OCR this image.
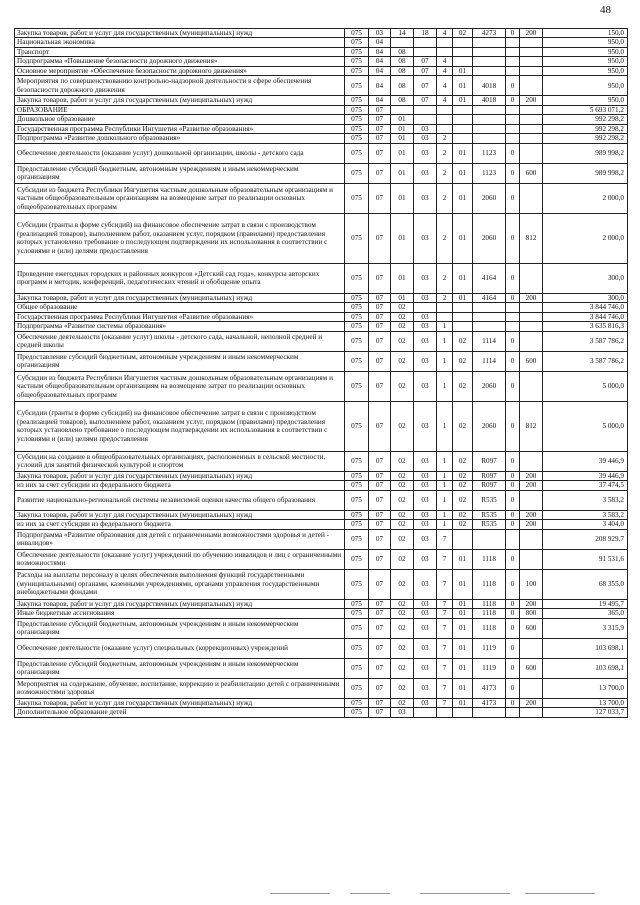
48
Закупка товаров, работ и услуг для государственных (муниципальных) нужд	075	03	14	18	4	02	4273	0	200	150,0
Национальная экономика	075	04								950,0
Транспорт	075	04	08							950,0
Подпрограмма «Повышение безопасности дорожного движения»	075	04	08	07	4					950,0
Основное мероприятие «Обеспечение безопасности дорожного движения»	075	04	08	07	4	01				950,0
Мероприятия по совершенствованию контрольно-надзорной деятельности в сфере обеспечения безопасности дорожного движения	075	04	08	07	4	01	4018	0		950,0
Закупка товаров, работ и услуг для государственных (муниципальных) нужд	075	04	08	07	4	01	4018	0	200	950,0
ОБРАЗОВАНИЕ	075	07								5 693 071,2
Дошкольное образование	075	07	01							992 298,2
Государственная программа Республики Ингушетия «Развитие образования»	075	07	01	03						992 298,2
Подпрограмма «Развитие дошкольного образования»	075	07	01	03	2					992 298,2
Обеспечение деятельности (оказание услуг) дошкольной организации, школы - детского сада	075	07	01	03	2	01	1123	0		989 998,2
Предоставление субсидий бюджетным, автономным учреждениям и иным некоммерческим организациям	075	07	01	03	2	01	1123	0	600	989 998,2
Субсидии из бюджета Республики Ингушетия частным дошкольным образовательным организациям и частным общеобразовательным организациям на возмещение затрат по реализации основных общеобразовательных программ	075	07	01	03	2	01	2060	0		2 000,0
Субсидии (гранты в форме субсидий) на финансовое обеспечение затрат в связи с производством (реализацией товаров), выполнением работ, оказанием услуг, порядком (правилами) предоставления которых установлено требование о последующем подтверждении их использования в соответствии с условиями и (или) целями предоставления	075	07	01	03	2	01	2060	0	812	2 000,0
Проведение ежегодных городских и районных конкурсов «Детский сад года», конкурсы авторских программ и методик, конференций, педагогических чтений и обобщение опыта	075	07	01	03	2	01	4164	0		300,0
Закупка товаров, работ и услуг для государственных (муниципальных) нужд	075	07	01	03	2	01	4164	0	200	300,0
Общее образование	075	07	02							3 844 746,0
Государственная программа Республики Ингушетия «Развитие образования»	075	07	02	03						3 844 746,0
Подпрограмма «Развитие системы образования»	075	07	02	03	1					3 635 816,3
Обеспечение деятельности (оказание услуг) школы - детского сада, начальной, неполной средней и средней школы	075	07	02	03	1	02	1114	0		3 587 786,2
Предоставление субсидий бюджетным, автономным учреждениям и иным некоммерческим организациям	075	07	02	03	1	02	1114	0	600	3 587 786,2
Субсидии из бюджета Республики Ингушетия частным дошкольным образовательным организациям и частным общеобразовательным организациям на возмещение затрат по реализации основных общеобразовательных программ	075	07	02	03	1	02	2060	0		5 000,0
Субсидии (гранты в форме субсидий) на финансовое обеспечение затрат в связи с производством (реализацией товаров), выполнением работ, оказанием услуг, порядком (правилами) предоставления которых установлено требование о последующем подтверждении их использования в соответствии с условиями и (или) целями предоставления	075	07	02	03	1	02	2060	0	812	5 000,0
Субсидии на создание в общеобразовательных организациях, расположенных в сельской местности, условий для занятий физической культурой и спортом	075	07	02	03	1	02	R097	0		39 446,9
Закупка товаров, работ и услуг для государственных (муниципальных) нужд	075	07	02	03	1	02	R097	0	200	39 446,9
из них за счет субсидии из федерального бюджета	075	07	02	03	1	02	R097	0	200	37 474,5
Развитие национально-региональной системы независимой оценки качества общего образования	075	07	02	03	1	02	R535	0		3 583,2
Закупка товаров, работ и услуг для государственных (муниципальных) нужд	075	07	02	03	1	02	R535	0	200	3 583,2
из них за счет субсидии из федерального бюджета	075	07	02	03	1	02	R535	0	200	3 404,0
Подпрограмма «Развитие образования для детей с ограниченными возможностями здоровья и детей - инвалидов»	075	07	02	03	7					208 929,7
Обеспечение деятельности (оказание услуг) учреждений по обучению инвалидов и лиц с ограниченными возможностями	075	07	02	03	7	01	1118	0		91 531,6
Расходы на выплаты персоналу в целях обеспечения выполнения функций государственными (муниципальными) органами, казенными учреждениями, органами управления государственными внебюджетными фондами	075	07	02	03	7	01	1118	0	100	68 355,0
Закупка товаров, работ и услуг для государственных (муниципальных) нужд	075	07	02	03	7	01	1118	0	200	19 495,7
Иные бюджетные ассигнования	075	07	02	03	7	01	1118	0	800	365,0
Предоставление субсидий бюджетным, автономным учреждениям и иным некоммерческим организациям	075	07	02	03	7	01	1118	0	600	3 315,9
Обеспечение деятельности (оказание услуг) специальных (коррекционных) учреждений	075	07	02	03	7	01	1119	0		103 698,1
Предоставление субсидий бюджетным, автономным учреждениям и иным некоммерческим организациям	075	07	02	03	7	01	1119	0	600	103 698,1
Мероприятия на содержание, обучение, воспитание, коррекцию и реабилитацию детей с ограниченными возможностями здоровья	075	07	02	03	7	01	4173	0		13 700,0
Закупка товаров, работ и услуг для государственных (муниципальных) нужд	075	07	02	03	7	01	4173	0	200	13 700,0
Дополнительное образование детей	075	07	03							127 033,7
